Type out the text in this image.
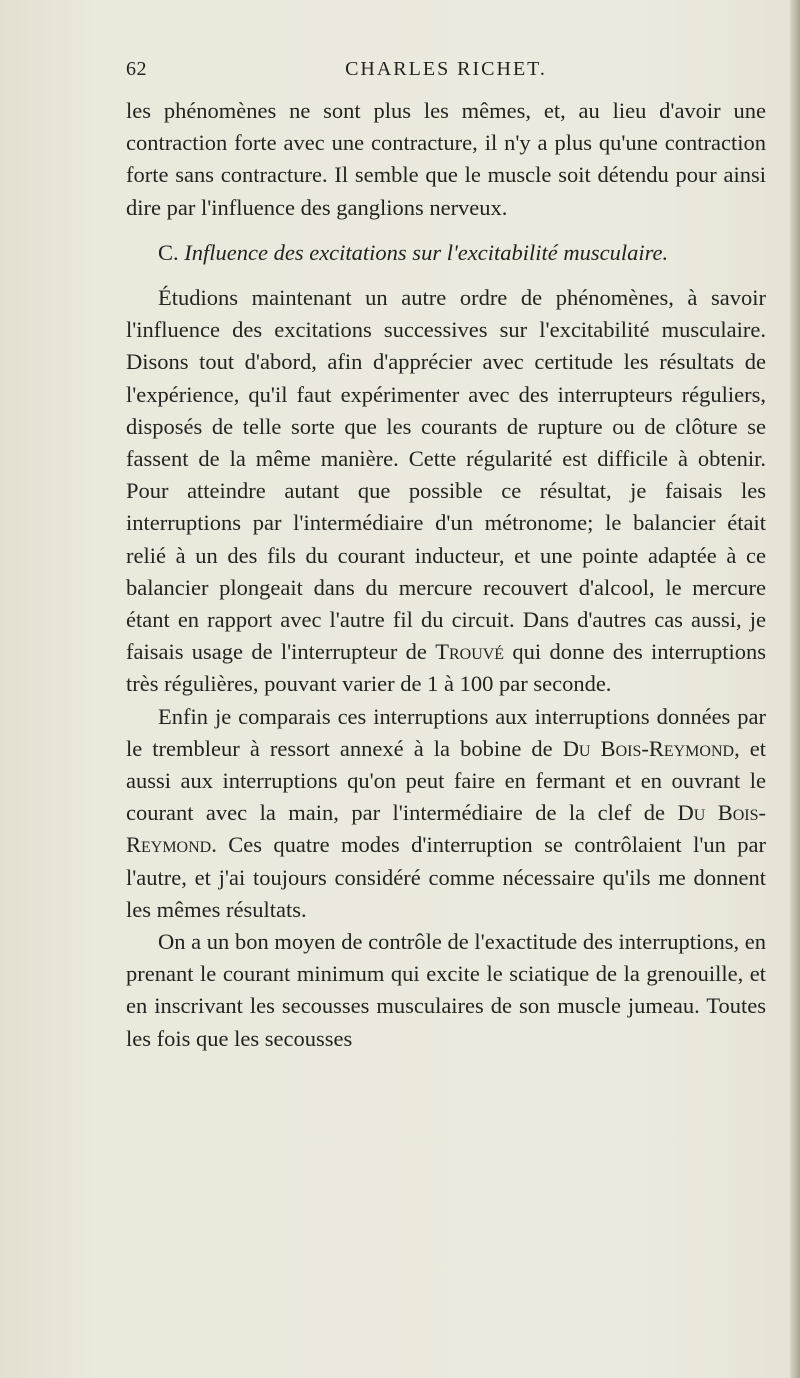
62	CHARLES RICHET.

les phénomènes ne sont plus les mêmes, et, au lieu d'avoir une contraction forte avec une contracture, il n'y a plus qu'une contraction forte sans contracture. Il semble que le muscle soit détendu pour ainsi dire par l'influence des ganglions nerveux.

C. Influence des excitations sur l'excitabilité musculaire.

Étudions maintenant un autre ordre de phénomènes, à savoir l'influence des excitations successives sur l'excitabilité musculaire. Disons tout d'abord, afin d'apprécier avec certitude les résultats de l'expérience, qu'il faut expérimenter avec des interrupteurs réguliers, disposés de telle sorte que les courants de rupture ou de clôture se fassent de la même manière. Cette régularité est difficile à obtenir. Pour atteindre autant que possible ce résultat, je faisais les interruptions par l'intermédiaire d'un métronome; le balancier était relié à un des fils du courant inducteur, et une pointe adaptée à ce balancier plongeait dans du mercure recouvert d'alcool, le mercure étant en rapport avec l'autre fil du circuit. Dans d'autres cas aussi, je faisais usage de l'interrupteur de Trouvé qui donne des interruptions très régulières, pouvant varier de 1 à 100 par seconde.

Enfin je comparais ces interruptions aux interruptions données par le trembleur à ressort annexé à la bobine de Du Bois-Reymond, et aussi aux interruptions qu'on peut faire en fermant et en ouvrant le courant avec la main, par l'intermédiaire de la clef de Du Bois-Reymond. Ces quatre modes d'interruption se contrôlaient l'un par l'autre, et j'ai toujours considéré comme nécessaire qu'ils me donnent les mêmes résultats.

On a un bon moyen de contrôle de l'exactitude des interruptions, en prenant le courant minimum qui excite le sciatique de la grenouille, et en inscrivant les secousses musculaires de son muscle jumeau. Toutes les fois que les secousses
